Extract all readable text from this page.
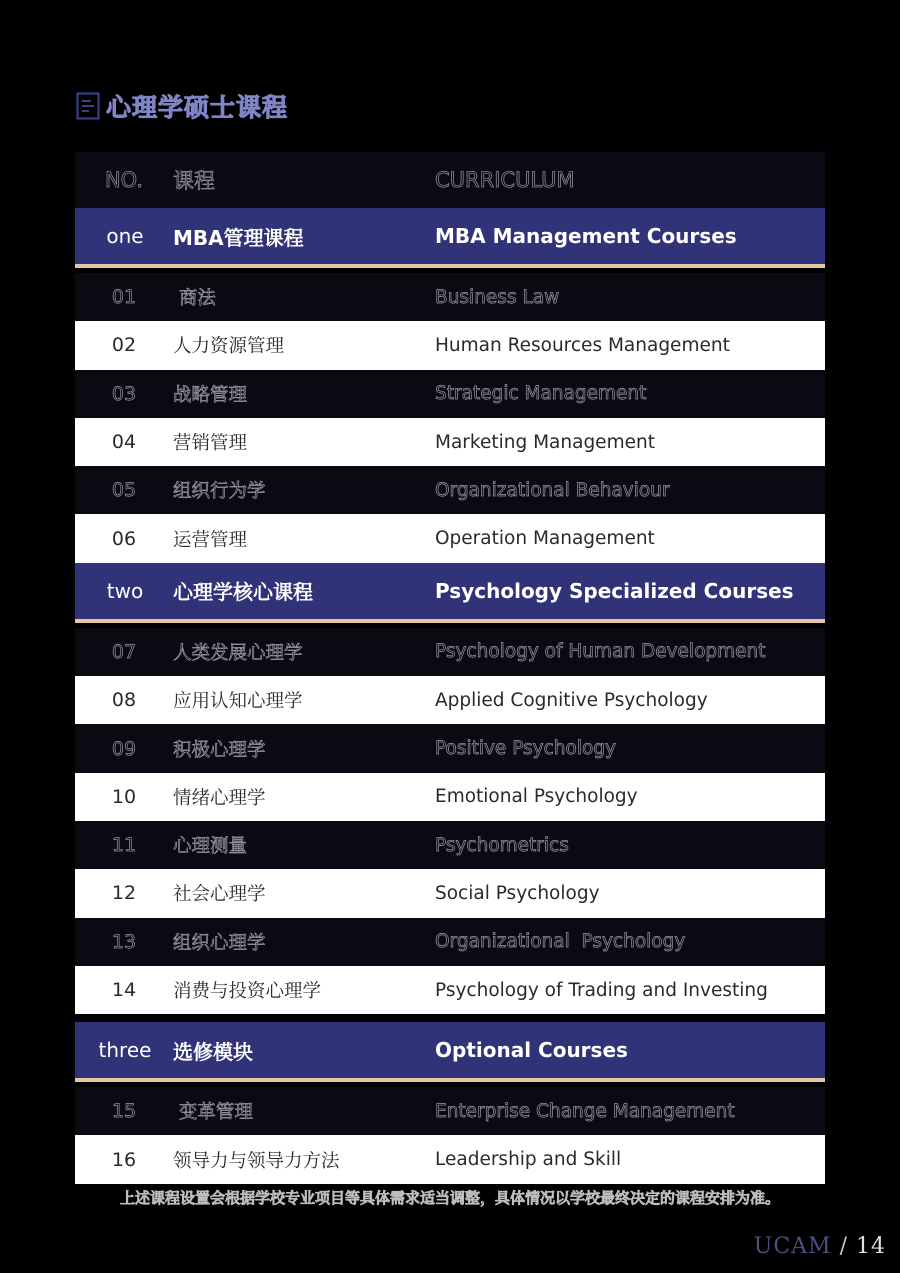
心理学硕士课程
NO.	课程	CURRICULUM
one	MBA管理课程	MBA Management Courses
01	商法	Business Law
02	人力资源管理	Human Resources Management
03	战略管理	Strategic Management
04	营销管理	Marketing Management
05	组织行为学	Organizational Behaviour
06	运营管理	Operation Management
two	心理学核心课程	Psychology Specialized Courses
07	人类发展心理学	Psychology of Human Development
08	应用认知心理学	Applied Cognitive Psychology
09	积极心理学	Positive Psychology
10	情绪心理学	Emotional Psychology
11	心理测量	Psychometrics
12	社会心理学	Social Psychology
13	组织心理学	Organizational  Psychology
14	消费与投资心理学	Psychology of Trading and Investing
three	选修模块	Optional Courses
15	变革管理	Enterprise Change Management
16	领导力与领导力方法	Leadership and Skill
上述课程设置会根据学校专业项目等具体需求适当调整，具体情况以学校最终决定的课程安排为准。
UCAM / 14
